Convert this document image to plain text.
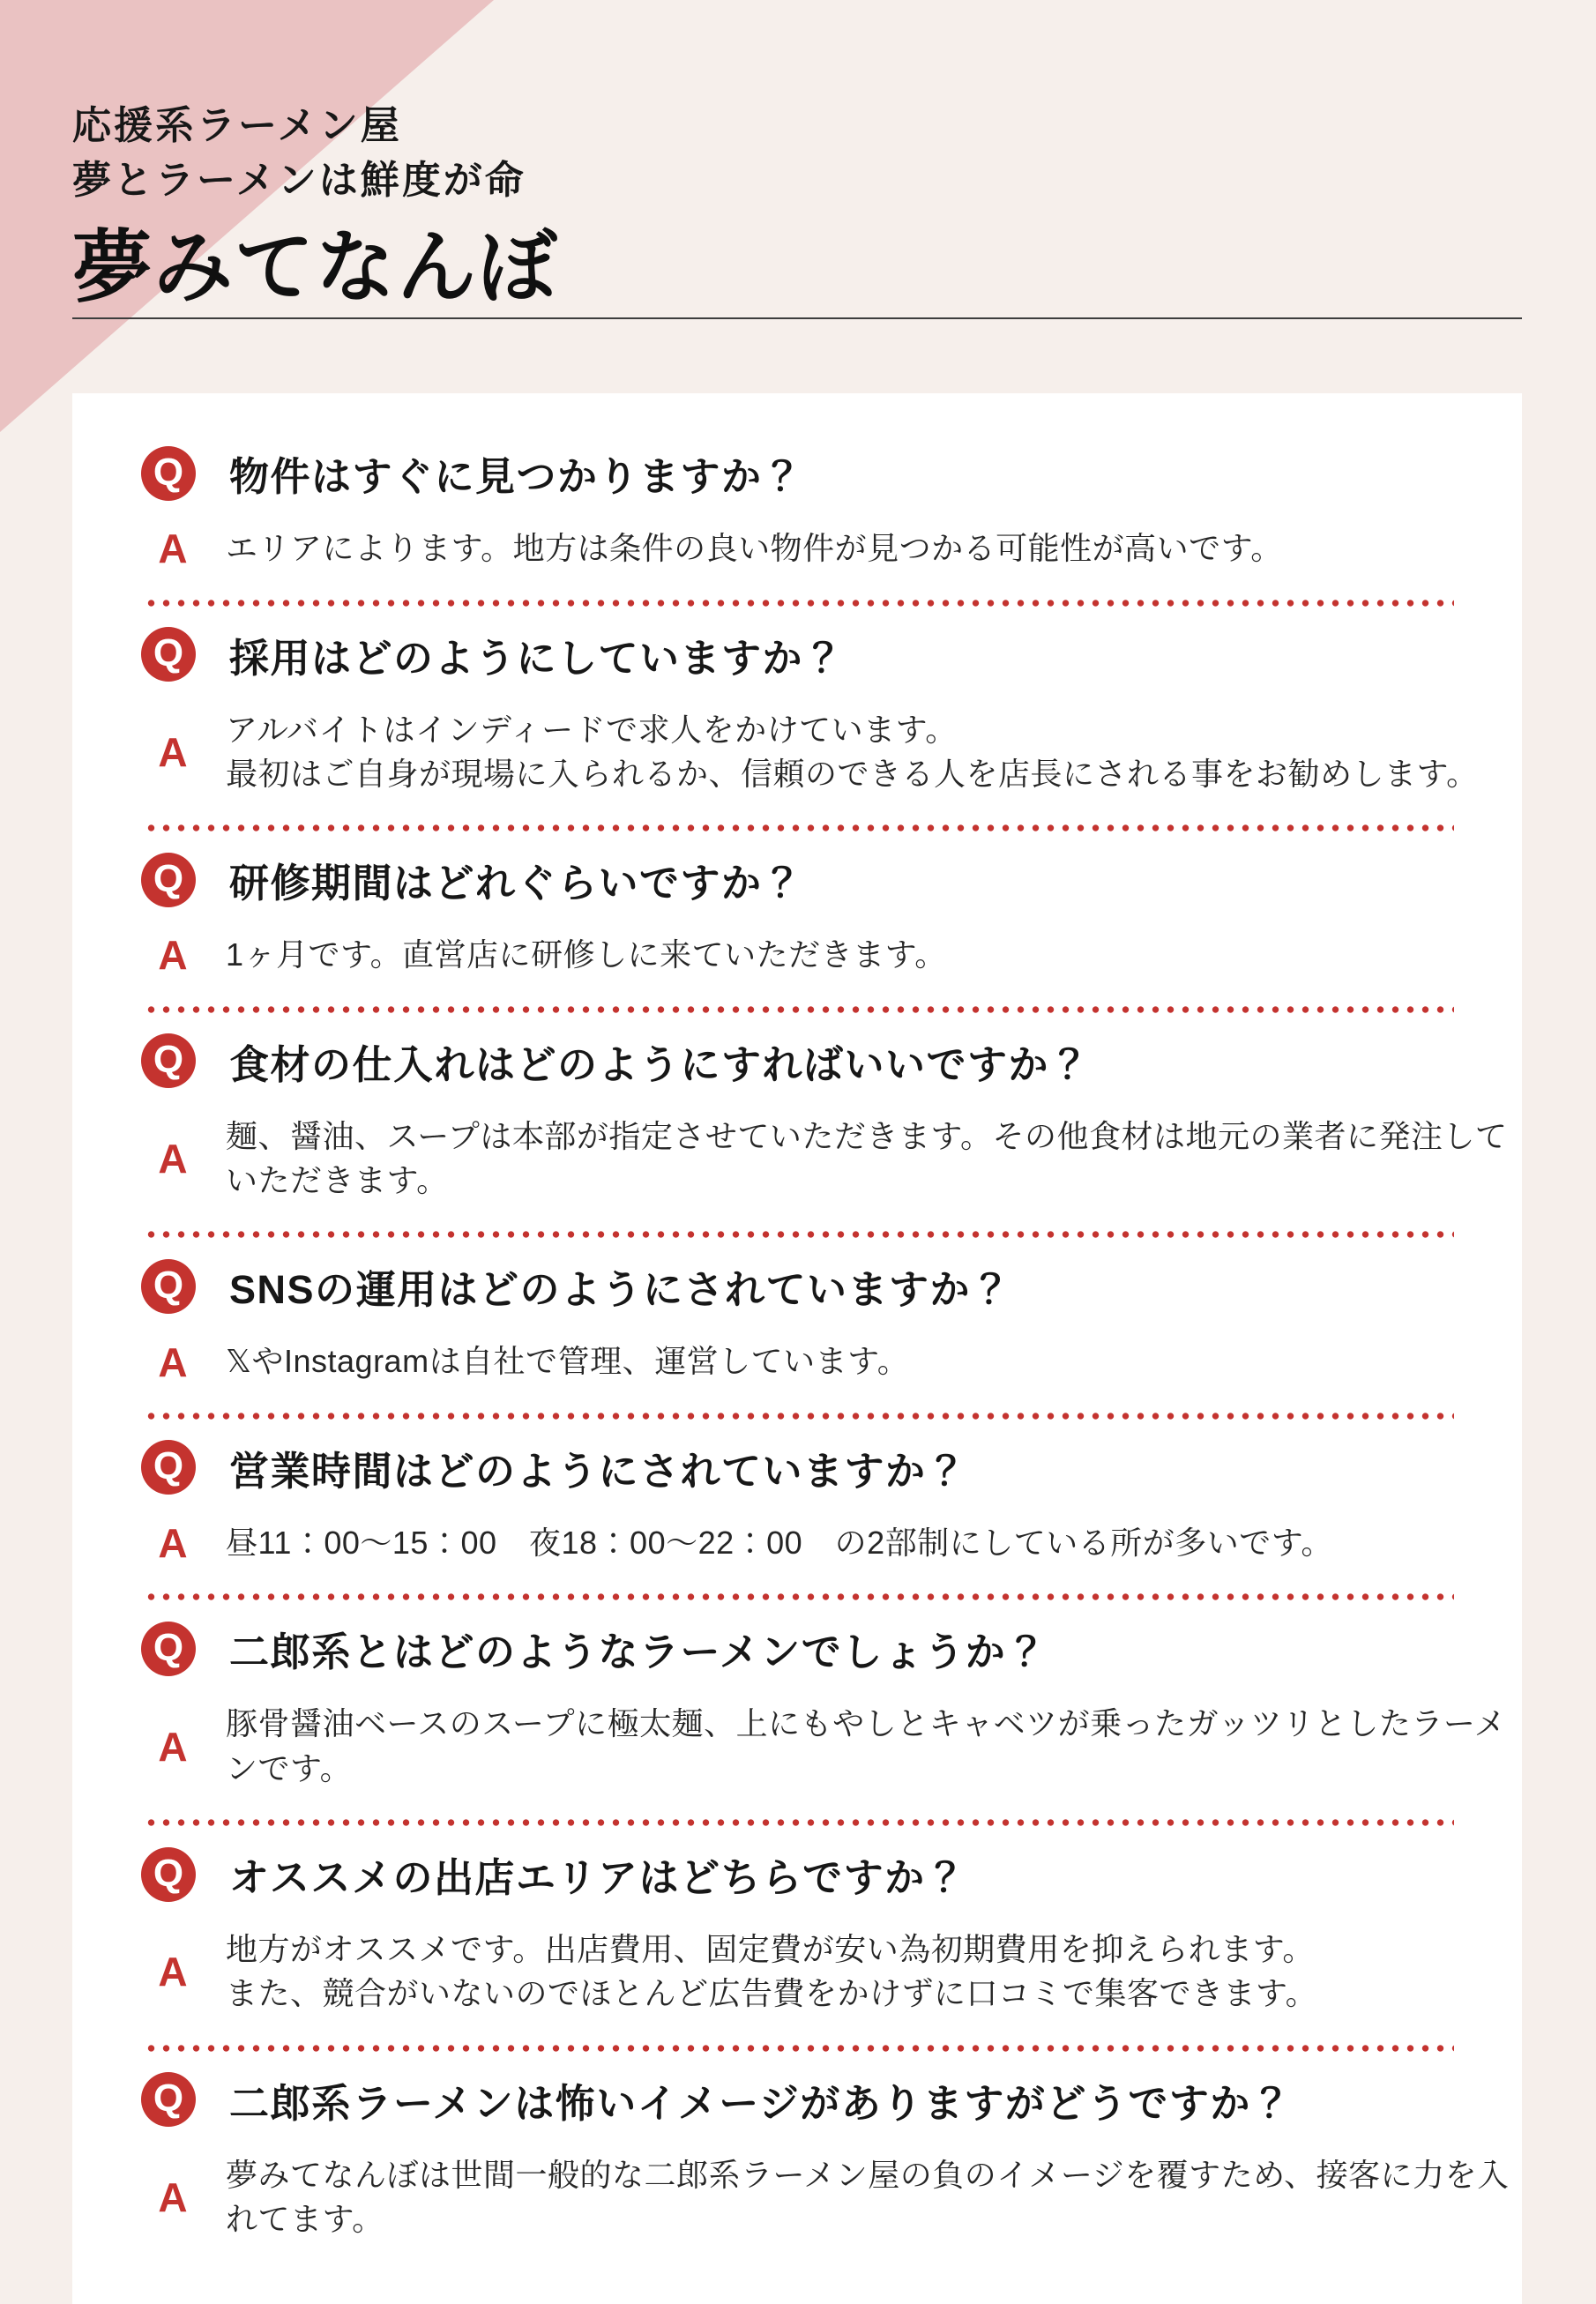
応援系ラーメン屋

夢とラーメンは鮮度が命

夢みてなんぼ
Q 物件はすぐに見つかりますか？
A エリアによります。地方は条件の良い物件が見つかる可能性が高いです。

Q 採用はどのようにしていますか？
A アルバイトはインディードで求人をかけています。
最初はご自身が現場に入られるか、信頼のできる人を店長にされる事をお勧めします。

Q 研修期間はどれぐらいですか？
A 1ヶ月です。直営店に研修しに来ていただきます。

Q 食材の仕入れはどのようにすればいいですか？
A 麺、醤油、スープは本部が指定させていただきます。その他食材は地元の業者に発注していただきます。

Q SNSの運用はどのようにされていますか？
A 𝕏やInstagramは自社で管理、運営しています。

Q 営業時間はどのようにされていますか？
A 昼11：00〜15：00　夜18：00〜22：00　の2部制にしている所が多いです。

Q 二郎系とはどのようなラーメンでしょうか？
A 豚骨醤油ベースのスープに極太麺、上にもやしとキャベツが乗ったガッツリとしたラーメンです。

Q オススメの出店エリアはどちらですか？
A 地方がオススメです。出店費用、固定費が安い為初期費用を抑えられます。
また、競合がいないのでほとんど広告費をかけずに口コミで集客できます。

Q 二郎系ラーメンは怖いイメージがありますがどうですか？
A 夢みてなんぼは世間一般的な二郎系ラーメン屋の負のイメージを覆すため、接客に力を入れてます。
